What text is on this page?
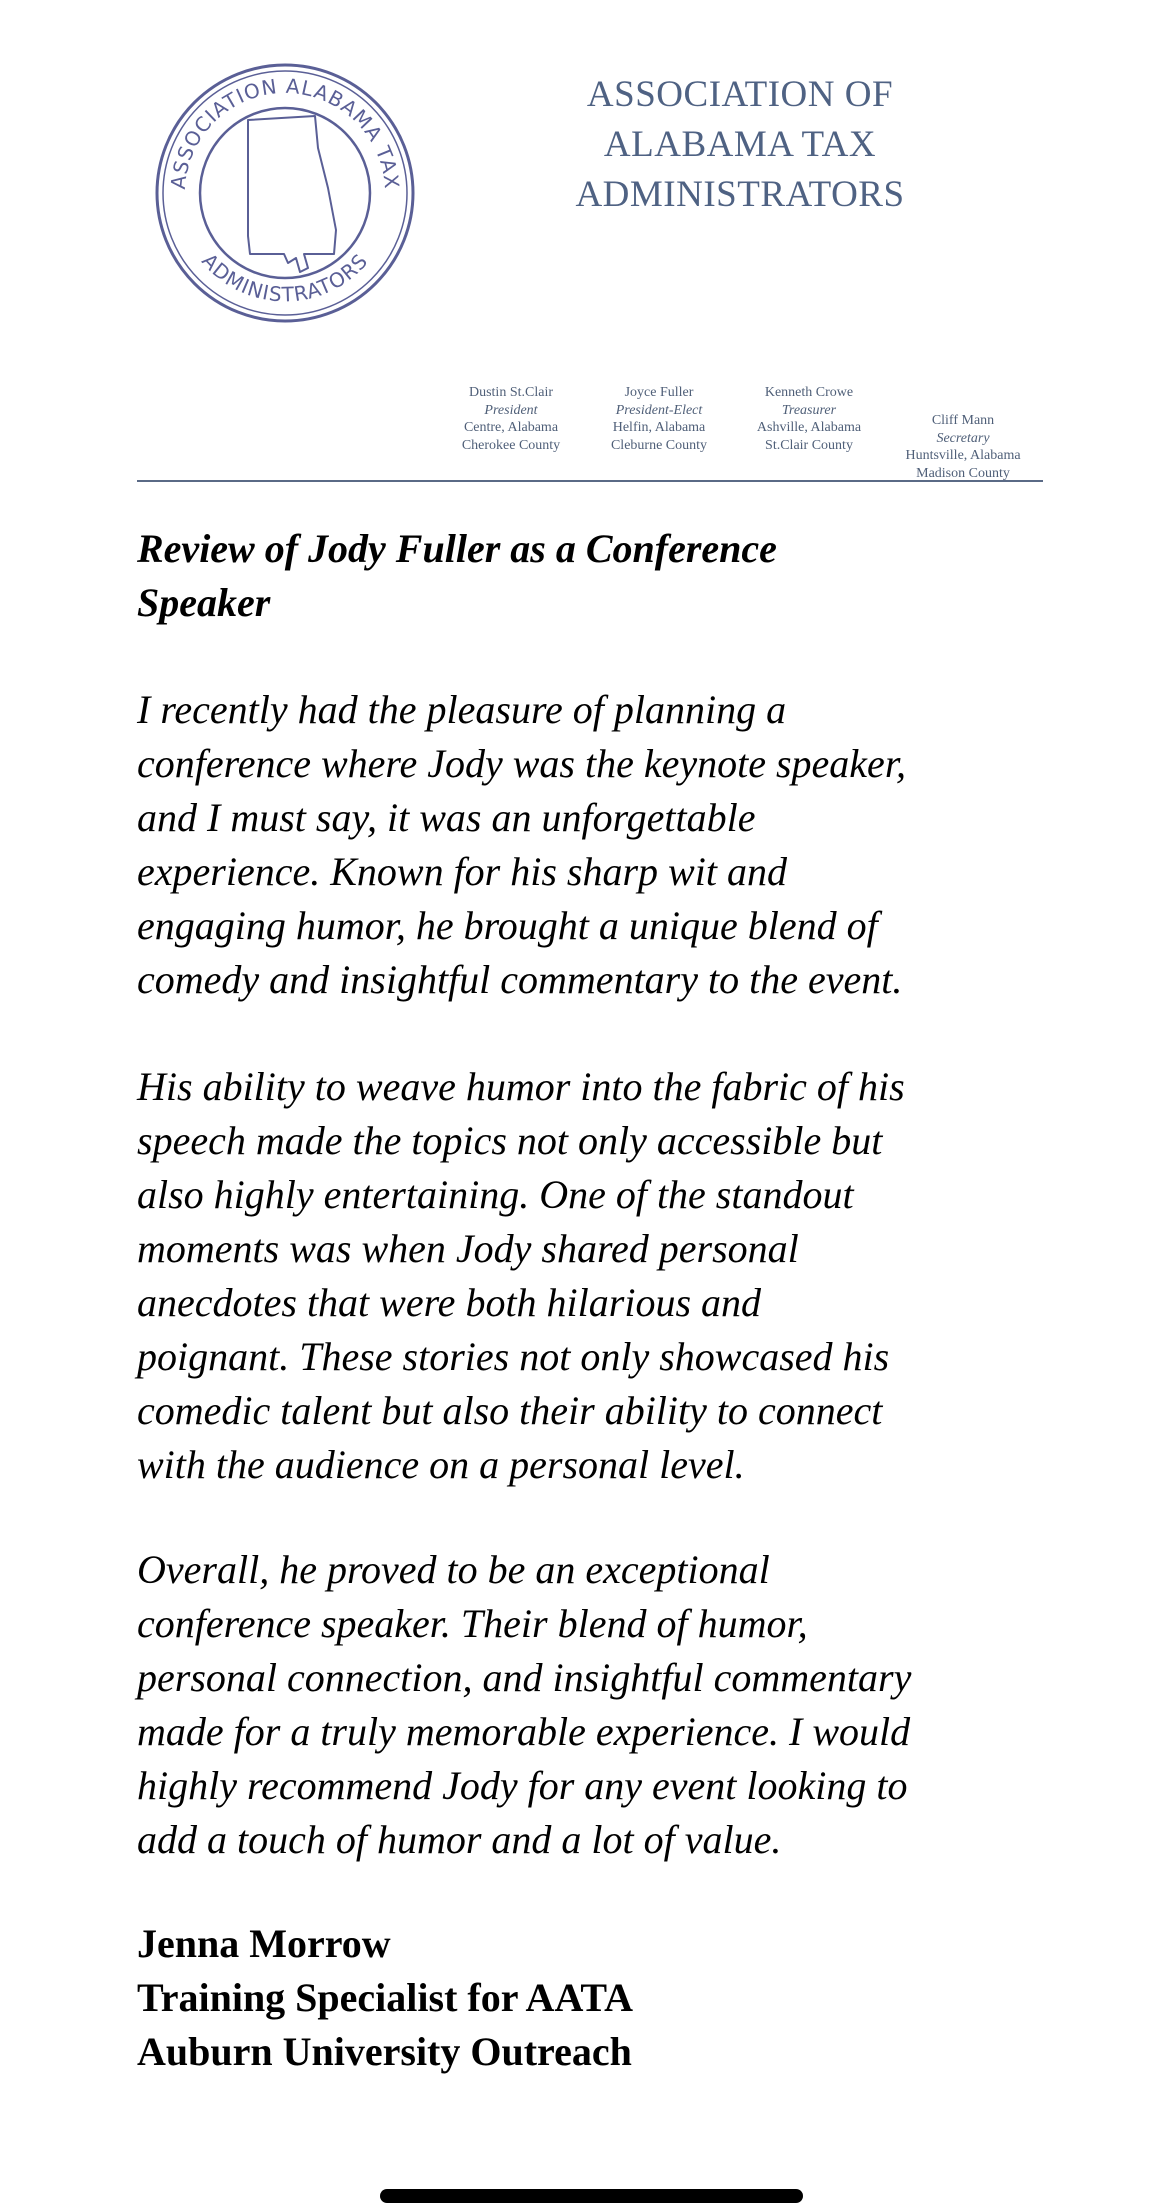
ASSOCIATION ALABAMA TAX
ADMINISTRATORS
ASSOCIATION OF
ALABAMA TAX
ADMINISTRATORS
Dustin St.Clair
President
Centre, Alabama
Cherokee County
Joyce Fuller
President-Elect
Helfin, Alabama
Cleburne County
Kenneth Crowe
Treasurer
Ashville, Alabama
St.Clair County
Cliff Mann
Secretary
Huntsville, Alabama
Madison County
Review of Jody Fuller as a Conference
Speaker
I recently had the pleasure of planning a
conference where Jody was the keynote speaker,
and I must say, it was an unforgettable
experience. Known for his sharp wit and
engaging humor, he brought a unique blend of
comedy and insightful commentary to the event.
His ability to weave humor into the fabric of his
speech made the topics not only accessible but
also highly entertaining. One of the standout
moments was when Jody shared personal
anecdotes that were both hilarious and
poignant. These stories not only showcased his
comedic talent but also their ability to connect
with the audience on a personal level.
Overall, he proved to be an exceptional
conference speaker. Their blend of humor,
personal connection, and insightful commentary
made for a truly memorable experience. I would
highly recommend Jody for any event looking to
add a touch of humor and a lot of value.
Jenna Morrow
Training Specialist for AATA
Auburn University Outreach
